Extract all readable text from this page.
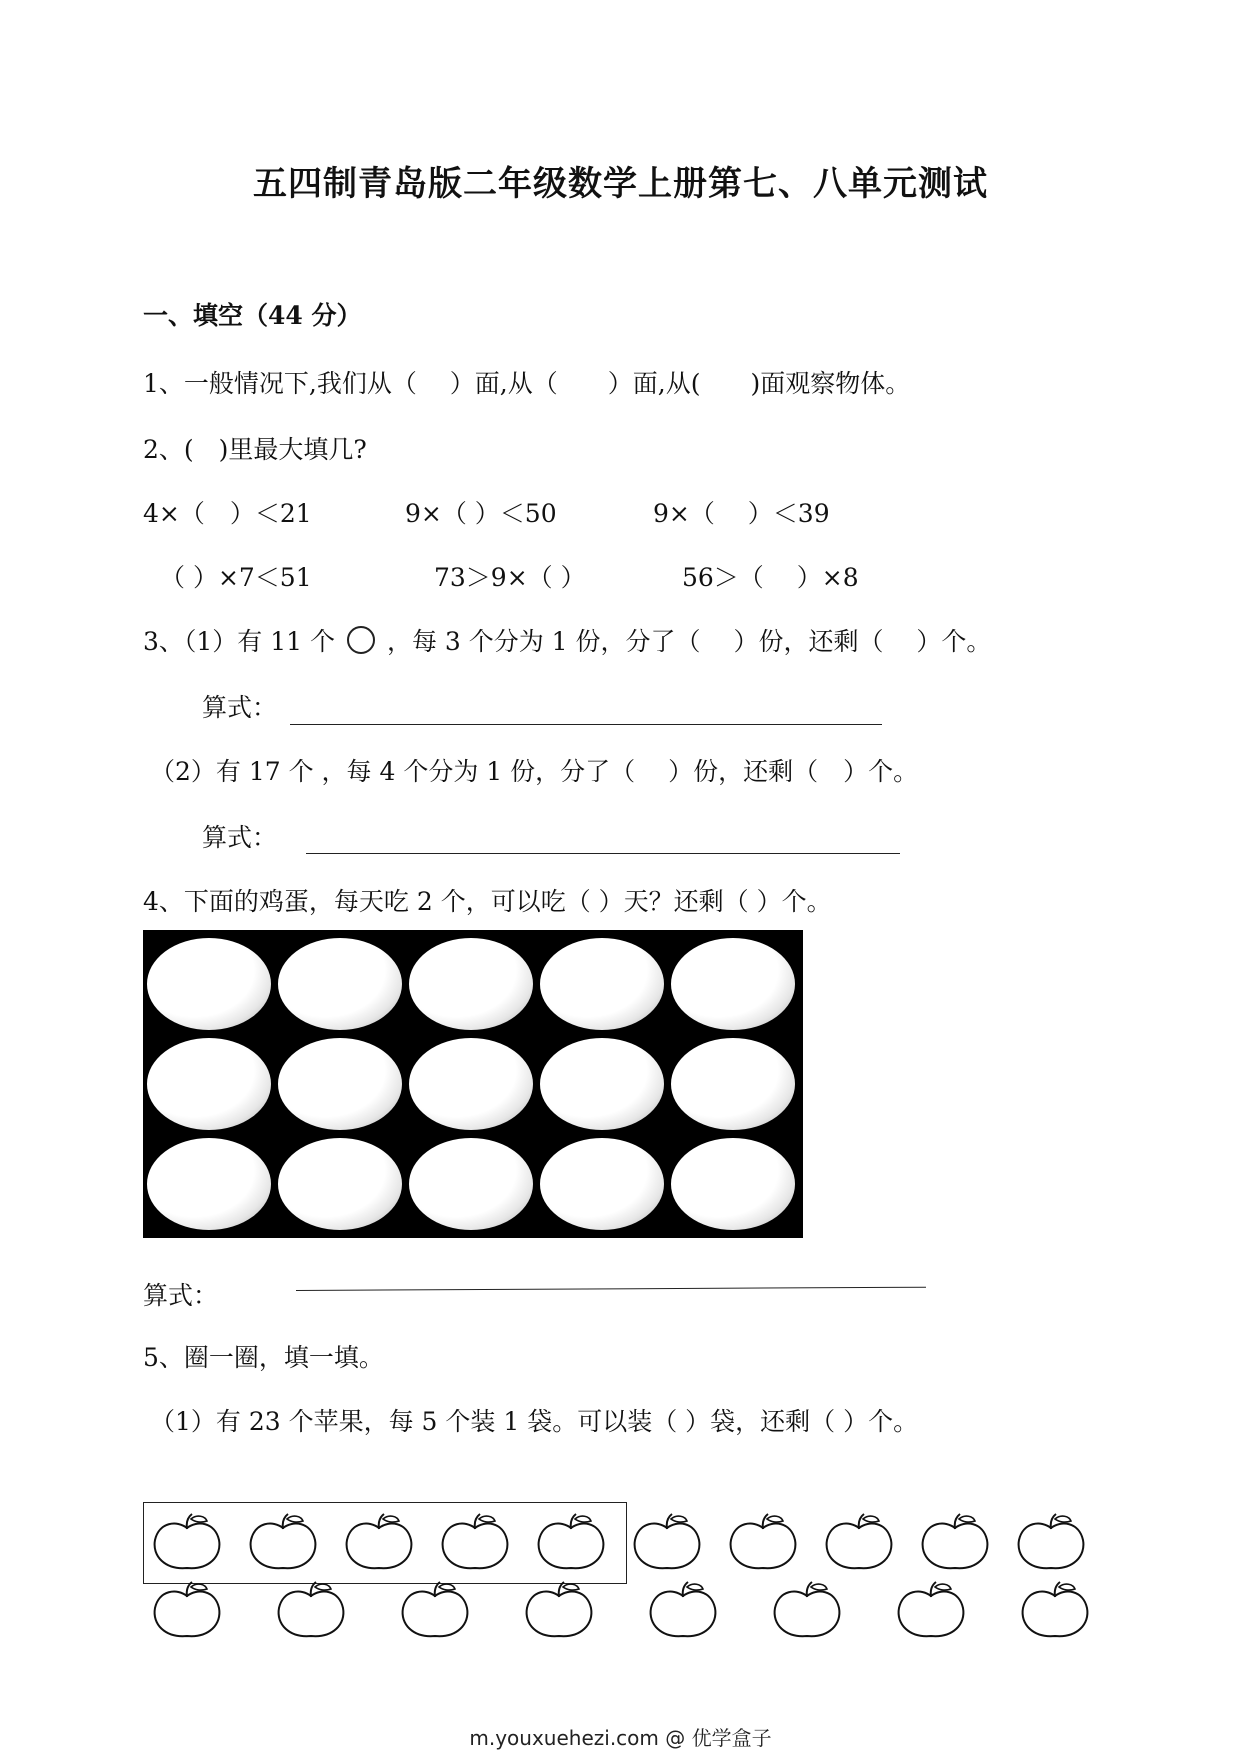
五四制青岛版二年级数学上册第七、八单元测试
一、填空（44 分）
1、一般情况下,我们从（　 ）面,从（　　）面,从(　　)面观察物体。
2、(　)里最大填几?
4×（　）＜21	9×（ ）＜50	9×（　 ）＜39
（ ）×7＜51	73＞9×（ ）	56＞（　 ）×8
3、（1）有 11 个 ，每 3 个分为 1 份，分了（　 ）份，还剩（　 ）个。
算式：
（2）有 17 个 ，每 4 个分为 1 份，分了（　 ）份，还剩（　）个。
算式：
4、下面的鸡蛋，每天吃 2 个，可以吃（ ）天？还剩（ ）个。
算式：
5、圈一圈，填一填。
（1）有 23 个苹果，每 5 个装 1 袋。可以装（ ）袋，还剩（ ）个。
m.youxuehezi.com @ 优学盒子
